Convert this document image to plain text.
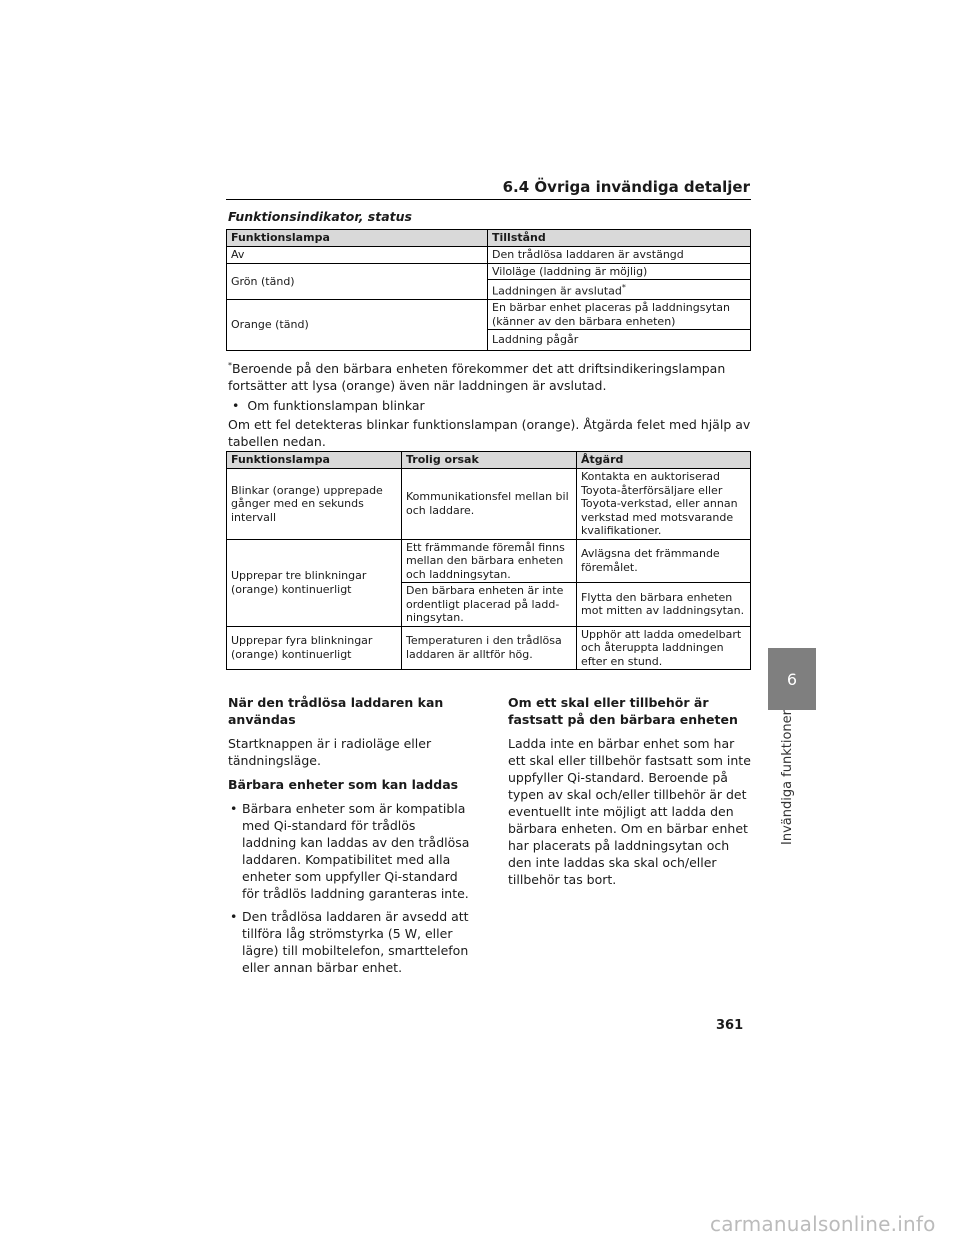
6.4 Övriga invändiga detaljer
Funktionsindikator, status
Funktionslampa	Tillstånd
Av	Den trådlösa laddaren är avstängd
Grön (tänd)	Viloläge (laddning är möjlig)
	Laddningen är avslutad*
Orange (tänd)	En bärbar enhet placeras på laddningsytan (känner av den bärbara enheten)
	Laddning pågår
*Beroende på den bärbara enheten förekommer det att driftsindikeringslampan fortsätter att lysa (orange) även när laddningen är avslutad.
•  Om funktionslampan blinkar
Om ett fel detekteras blinkar funktionslampan (orange). Åtgärda felet med hjälp av tabellen nedan.
Funktionslampa	Trolig orsak	Åtgärd
Blinkar (orange) upprepade gånger med en sekunds intervall	Kommunikationsfel mellan bil och laddare.	Kontakta en auktoriserad Toyota-återförsäljare eller Toyota-verkstad, eller annan verkstad med motsvarande kvalifikationer.
Upprepar tre blinkningar (orange) kontinuerligt	Ett främmande föremål finns mellan den bärbara enheten och laddningsytan.	Avlägsna det främmande föremålet.
	Den bärbara enheten är inte ordentligt placerad på laddningsytan.	Flytta den bärbara enheten mot mitten av laddningsytan.
Upprepar fyra blinkningar (orange) kontinuerligt	Temperaturen i den trådlösa laddaren är alltför hög.	Upphör att ladda omedelbart och återuppta laddningen efter en stund.

När den trådlösa laddaren kan användas

Startknappen är i radioläge eller tändningsläge.

Bärbara enheter som kan laddas

• Bärbara enheter som är kompatibla med Qi-standard för trådlös laddning kan laddas av den trådlösa laddaren. Kompatibilitet med alla enheter som uppfyller Qi-standard för trådlös laddning garanteras inte.
• Den trådlösa laddaren är avsedd att tillföra låg strömstyrka (5 W, eller lägre) till mobiltelefon, smarttelefon eller annan bärbar enhet.

Om ett skal eller tillbehör är fastsatt på den bärbara enheten

Ladda inte en bärbar enhet som har ett skal eller tillbehör fastsatt som inte uppfyller Qi-standard. Beroende på typen av skal och/eller tillbehör är det eventuellt inte möjligt att ladda den bärbara enheten. Om en bärbar enhet har placerats på laddningsytan och den inte laddas ska skal och/eller tillbehör tas bort.

361
6
Invändiga funktioner
carmanualsonline.info
